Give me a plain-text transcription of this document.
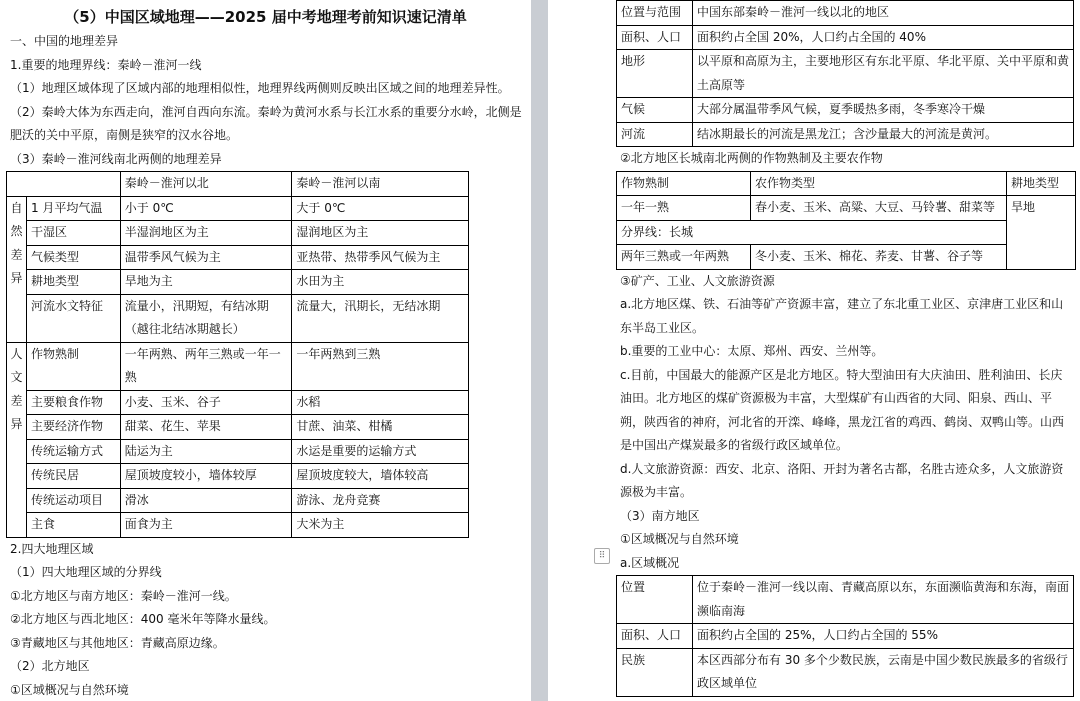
（5）中国区域地理——2025 届中考地理考前知识速记清单
一、中国的地理差异
1.重要的地理界线：秦岭－淮河一线
（1）地理区域体现了区域内部的地理相似性，地理界线两侧则反映出区域之间的地理差异性。
（2）秦岭大体为东西走向，淮河自西向东流。秦岭为黄河水系与长江水系的重要分水岭，北侧是肥沃的关中平原，南侧是狭窄的汉水谷地。
（3）秦岭－淮河线南北两侧的地理差异
		秦岭－淮河以北	秦岭－淮河以南
自然差异	1 月平均气温	小于 0℃	大于 0℃
	干湿区	半湿润地区为主	湿润地区为主
	气候类型	温带季风气候为主	亚热带、热带季风气候为主
	耕地类型	旱地为主	水田为主
	河流水文特征	流量小，汛期短，有结冰期（越往北结冰期越长）	流量大，汛期长，无结冰期
人文差异	作物熟制	一年两熟、两年三熟或一年一熟	一年两熟到三熟
	主要粮食作物	小麦、玉米、谷子	水稻
	主要经济作物	甜菜、花生、苹果	甘蔗、油菜、柑橘
	传统运输方式	陆运为主	水运是重要的运输方式
	传统民居	屋顶坡度较小，墙体较厚	屋顶坡度较大，墙体较高
	传统运动项目	滑冰	游泳、龙舟竞赛
	主食	面食为主	大米为主
2.四大地理区域
（1）四大地理区域的分界线
①北方地区与南方地区：秦岭－淮河一线。
②北方地区与西北地区：400 毫米年等降水量线。
③青藏地区与其他地区：青藏高原边缘。
（2）北方地区
①区域概况与自然环境
位置与范围	中国东部秦岭－淮河一线以北的地区
面积、人口	面积约占全国 20%，人口约占全国的 40%
地形	以平原和高原为主，主要地形区有东北平原、华北平原、关中平原和黄土高原等
气候	大部分属温带季风气候，夏季暖热多雨，冬季寒冷干燥
河流	结冰期最长的河流是黑龙江；含沙量最大的河流是黄河。
②北方地区长城南北两侧的作物熟制及主要农作物
作物熟制	农作物类型	耕地类型
一年一熟	春小麦、玉米、高粱、大豆、马铃薯、甜菜等	旱地
分界线：长城		
两年三熟或一年两熟	冬小麦、玉米、棉花、荞麦、甘薯、谷子等	
③矿产、工业、人文旅游资源
a.北方地区煤、铁、石油等矿产资源丰富，建立了东北重工业区、京津唐工业区和山东半岛工业区。
b.重要的工业中心：太原、郑州、西安、兰州等。
c.目前，中国最大的能源产区是北方地区。特大型油田有大庆油田、胜利油田、长庆油田。北方地区的煤矿资源极为丰富，大型煤矿有山西省的大同、阳泉、西山、平朔，陕西省的神府，河北省的开滦、峰峰，黑龙江省的鸡西、鹤岗、双鸭山等。山西是中国出产煤炭最多的省级行政区域单位。
d.人文旅游资源：西安、北京、洛阳、开封为著名古都，名胜古迹众多，人文旅游资源极为丰富。
（3）南方地区
①区域概况与自然环境
a.区域概况
位置	位于秦岭－淮河一线以南、青藏高原以东，东面濒临黄海和东海，南面濒临南海
面积、人口	面积约占全国的 25%，人口约占全国的 55%
民族	本区西部分布有 30 多个少数民族，云南是中国少数民族最多的省级行政区域单位
⠿
